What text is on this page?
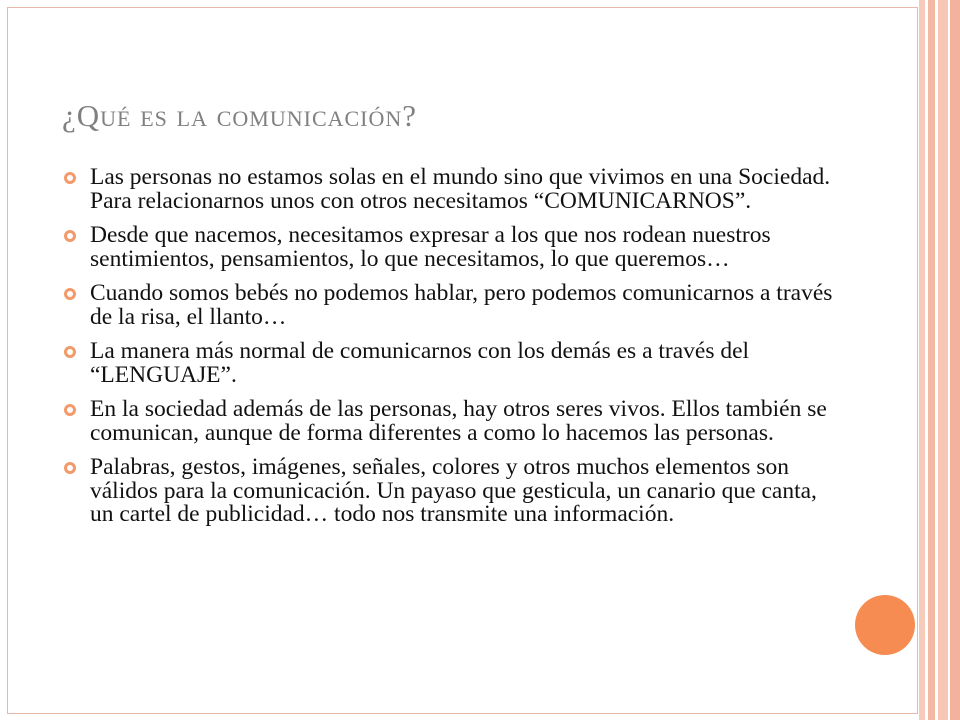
¿Qué es la comunicación?
Las personas no estamos solas en el mundo sino que vivimos en una Sociedad. Para relacionarnos unos con otros necesitamos “COMUNICARNOS”.
Desde que nacemos, necesitamos expresar a los que nos rodean nuestros sentimientos, pensamientos, lo que necesitamos, lo que queremos…
Cuando somos bebés no podemos hablar, pero podemos comunicarnos a través de la risa, el llanto…
La manera más normal de comunicarnos con los demás es a través del “LENGUAJE”.
En la sociedad además de las personas, hay otros seres vivos. Ellos también se comunican, aunque de forma diferentes a como lo hacemos las personas.
Palabras, gestos, imágenes, señales, colores y otros muchos elementos son válidos para la comunicación. Un payaso que gesticula, un canario que canta, un cartel de publicidad… todo nos transmite una información.
